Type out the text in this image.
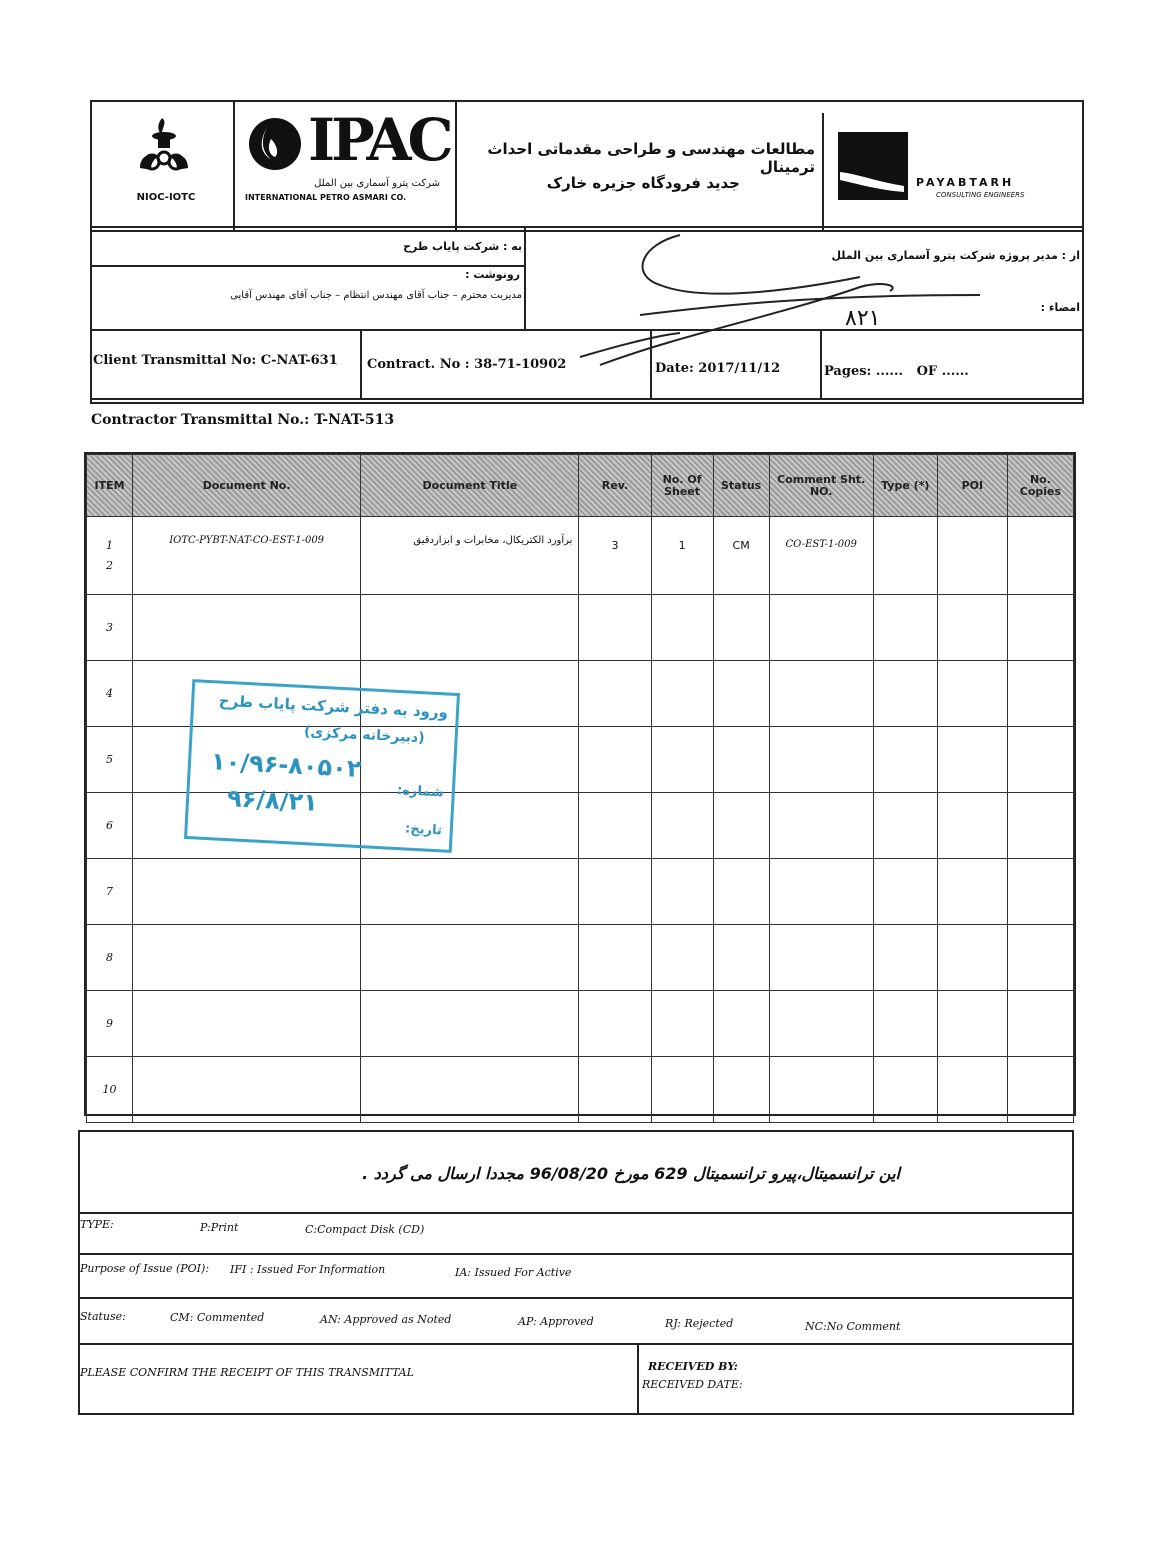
NIOC-IOTC
IPAC
شرکت پترو آسماری بین الملل
INTERNATIONAL PETRO ASMARI CO.
مطالعات مهندسی و طراحی مقدماتی احداث ترمینال
جدید فرودگاه جزیره خارک	PAYABTARH
CONSULTING ENGINEERS
به : شرکت پایاب طرح
از : مدیر پروژه شرکت پترو آسماری بین الملل
رونوشت :
مدیریت محترم – جناب آقای مهندس انتظام – جناب آقای مهندس آقایی
امضاء :
Client Transmittal No: C-NAT-631 Contract. No : 38-71-10902	Date: 2017/11/12	Pages: ......   OF ......
Contractor Transmittal No.: T-NAT-513
۸۲۱
ITEM	Document No.	Document Title	Rev.	No. Of Sheet	Status	Comment Sht. NO.	Type (*)	POI	No. Copies
1
2	IOTC-PYBT-NAT-CO-EST-1-009	برآورد الکتریکال، مخابرات و ابزاردقیق	3	1	CM	CO-EST-1-009			
3									
4									
5									
6									
7									
8									
9									
10									
ورود به دفتر شرکت پایاب طرح
(دبیرخانه مرکزی)
شماره:
۱۰/۹۶-۸۰۵۰۲
تاریخ:
۹۶/۸/۲۱
این ترانسمیتال،پیرو ترانسمیتال 629 مورخ 96/08/20 مجددا ارسال می گردد .
TYPE:	P:Print	C:Compact Disk (CD)
Purpose of Issue (POI): IFI : Issued For Information	IA: Issued For Active
Statuse:	CM: Commented	AN: Approved as Noted	AP: Approved	RJ: Rejected	NC:No Comment
PLEASE CONFIRM THE RECEIPT OF THIS TRANSMITTAL	RECEIVED BY:
RECEIVED DATE:
